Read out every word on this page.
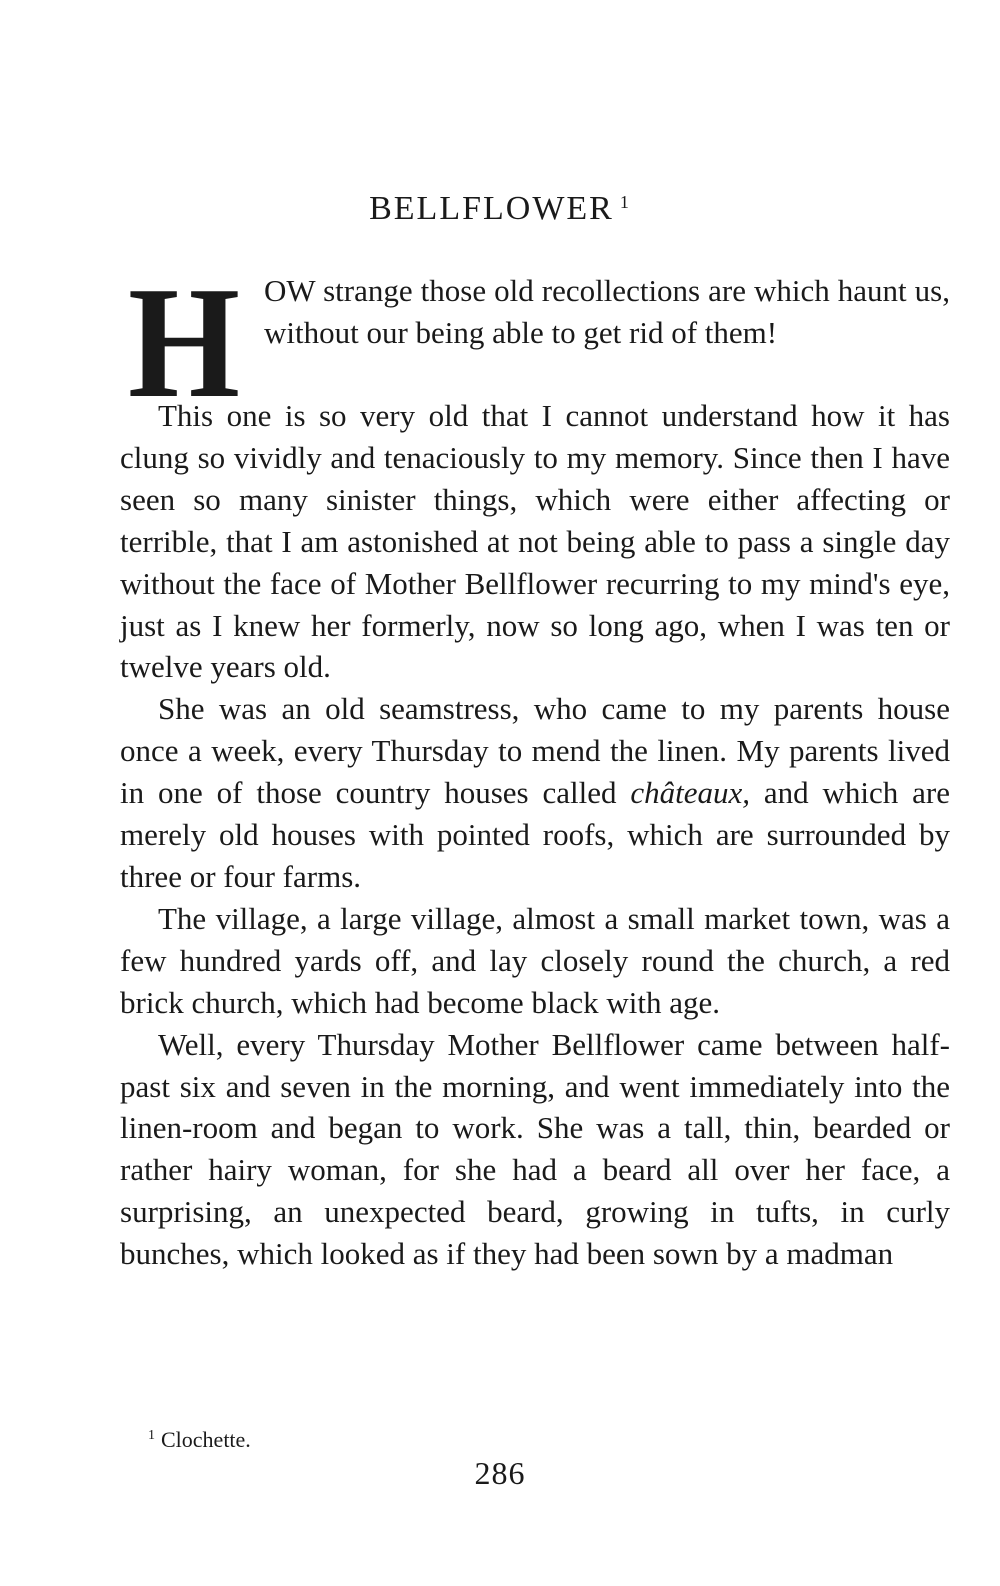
BELLFLOWER $^1$
H OW strange those old recollections are which haunt us, without our being able to get rid of them!

This one is so very old that I cannot understand how it has clung so vividly and tenaciously to my memory. Since then I have seen so many sinister things, which were either affecting or terrible, that I am astonished at not being able to pass a single day without the face of Mother Bellflower recurring to my mind's eye, just as I knew her formerly, now so long ago, when I was ten or twelve years old.

She was an old seamstress, who came to my parents house once a week, every Thursday to mend the linen. My parents lived in one of those country houses called châteaux, and which are merely old houses with pointed roofs, which are surrounded by three or four farms.

The village, a large village, almost a small market town, was a few hundred yards off, and lay closely round the church, a red brick church, which had become black with age.

Well, every Thursday Mother Bellflower came between half-past six and seven in the morning, and went immediately into the linen-room and began to work. She was a tall, thin, bearded or rather hairy woman, for she had a beard all over her face, a surprising, an unexpected beard, growing in tufts, in curly bunches, which looked as if they had been sown by a madman

$^1$ Clochette.
286
